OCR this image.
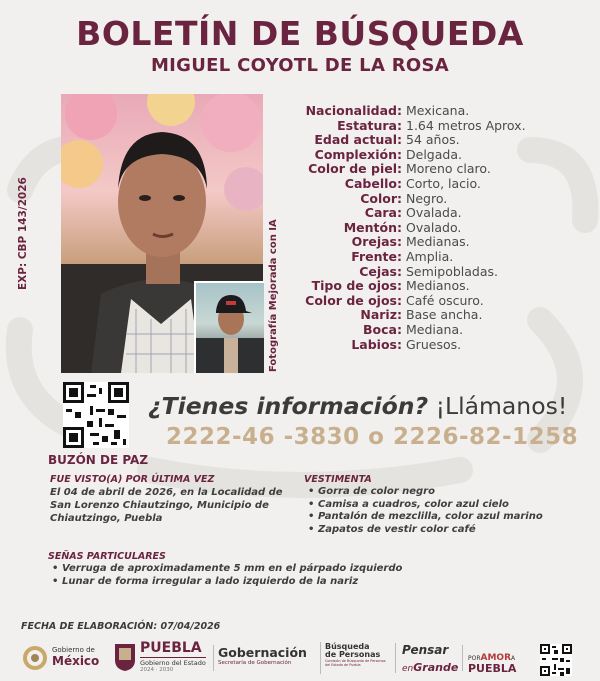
BOLETÍN DE BÚSQUEDA
MIGUEL COYOTL DE LA ROSA
EXP: CBP 143/2026	Fotografía Mejorada con IA
Nacionalidad: Mexicana.
Estatura: 1.64 metros Aprox.
Edad actual: 54 años.
Complexión: Delgada.
Color de piel: Moreno claro.
Cabello: Corto, lacio.
Color: Negro.
Cara: Ovalada.
Mentón: Ovalado.
Orejas: Medianas.
Frente: Amplia.
Cejas: Semipobladas.
Tipo de ojos: Medianos.
Color de ojos: Café oscuro.
Nariz: Base ancha.
Boca: Mediana.
Labios: Gruesos.
BUZÓN DE PAZ
¿Tienes información? ¡Llámanos!
2222-46 -3830 o 2226-82-1258
FUE VISTO(A) POR ÚLTIMA VEZ
El 04 de abril de 2026, en la Localidad de San Lorenzo Chiautzingo, Municipio de Chiautzingo, Puebla
VESTIMENTA
• Gorra de color negro
• Camisa a cuadros, color azul cielo
• Pantalón de mezclilla, color azul marino
• Zapatos de vestir color café
SEÑAS PARTICULARES
• Verruga de aproximadamente 5 mm en el párpado izquierdo
• Lunar de forma irregular a lado izquierdo de la nariz
FECHA DE ELABORACIÓN: 07/04/2026
Gobierno de
México
PUEBLA
Gobierno del Estado
2024 · 2030
Gobernación
Secretaría de Gobernación
Búsqueda
de Personas
Comisión de Búsqueda de Personas del Estado de Puebla
Pensar
enGrande
PORAMORA
PUEBLA
